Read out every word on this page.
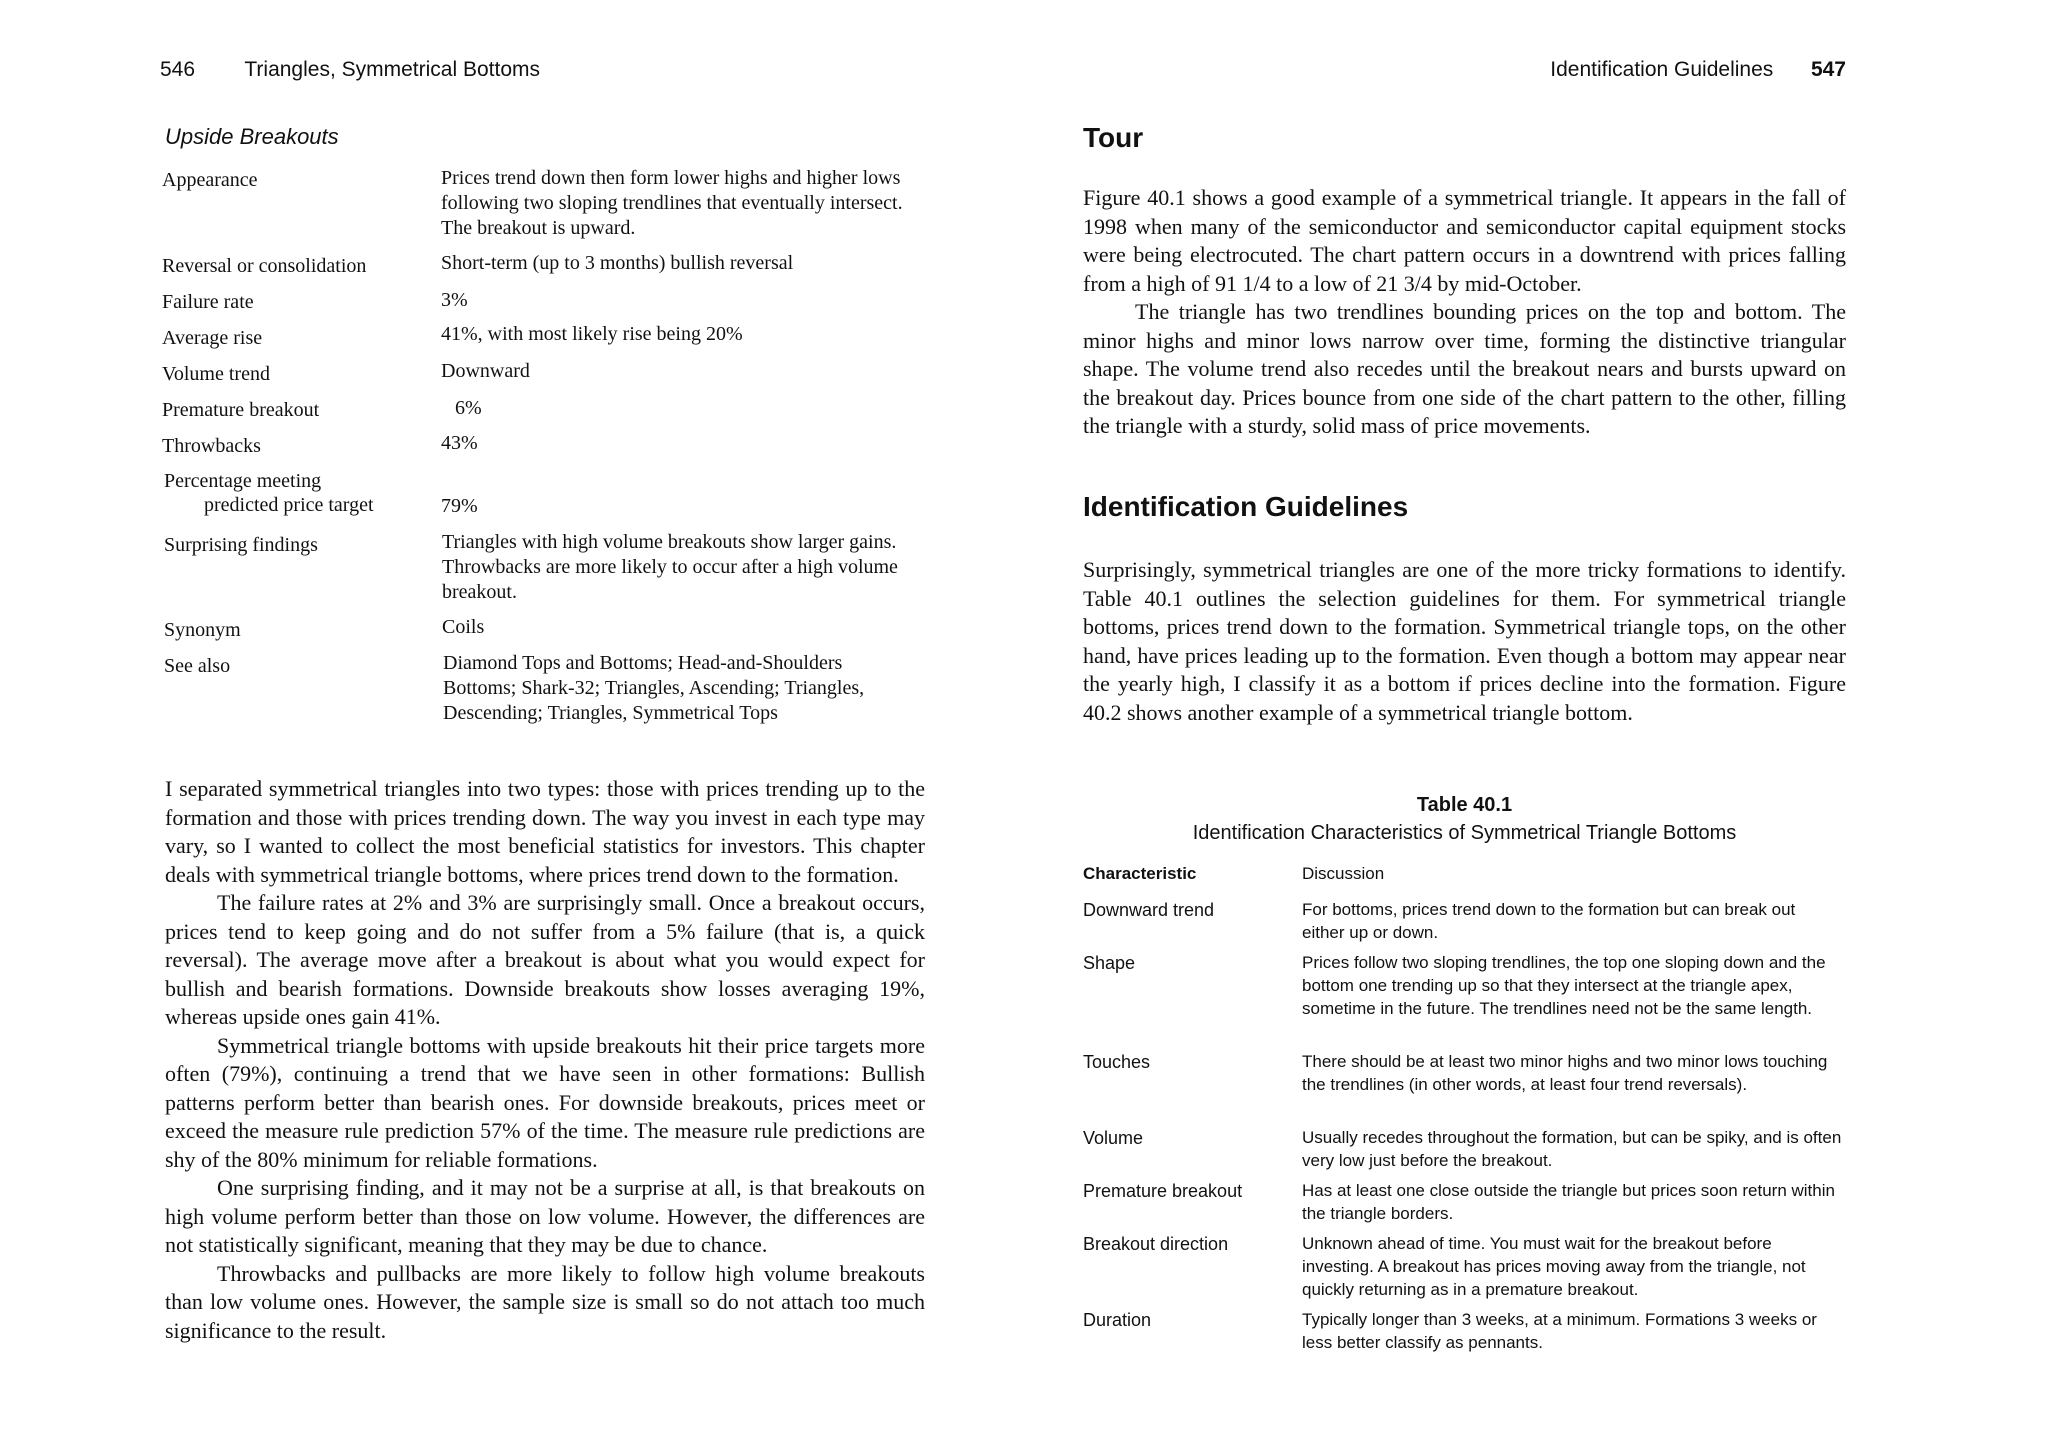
546 Triangles, Symmetrical Bottoms
Upside Breakouts
Appearance	Prices trend down then form lower highs and higher lows following two sloping trendlines that eventually intersect. The breakout is upward.
Reversal or consolidation	Short-term (up to 3 months) bullish reversal
Failure rate	3%
Average rise	41%, with most likely rise being 20%
Volume trend	Downward
Premature breakout	6%
Throwbacks	43%
Percentage meeting predicted price target	79%
Surprising findings	Triangles with high volume breakouts show larger gains. Throwbacks are more likely to occur after a high volume breakout.
Synonym	Coils
See also	Diamond Tops and Bottoms; Head-and-Shoulders Bottoms; Shark-32; Triangles, Ascending; Triangles, Descending; Triangles, Symmetrical Tops

I separated symmetrical triangles into two types: those with prices trending up to the formation and those with prices trending down. The way you invest in each type may vary, so I wanted to collect the most beneficial statistics for investors. This chapter deals with symmetrical triangle bottoms, where prices trend down to the formation.

The failure rates at 2% and 3% are surprisingly small. Once a breakout occurs, prices tend to keep going and do not suffer from a 5% failure (that is, a quick reversal). The average move after a breakout is about what you would expect for bullish and bearish formations. Downside breakouts show losses averaging 19%, whereas upside ones gain 41%.

Symmetrical triangle bottoms with upside breakouts hit their price targets more often (79%), continuing a trend that we have seen in other formations: Bullish patterns perform better than bearish ones. For downside breakouts, prices meet or exceed the measure rule prediction 57% of the time. The measure rule predictions are shy of the 80% minimum for reliable formations.

One surprising finding, and it may not be a surprise at all, is that breakouts on high volume perform better than those on low volume. However, the differences are not statistically significant, meaning that they may be due to chance.

Throwbacks and pullbacks are more likely to follow high volume breakouts than low volume ones. However, the sample size is small so do not attach too much significance to the result.

Identification Guidelines 547
Tour

Figure 40.1 shows a good example of a symmetrical triangle. It appears in the fall of 1998 when many of the semiconductor and semiconductor capital equipment stocks were being electrocuted. The chart pattern occurs in a downtrend with prices falling from a high of 91 1/4 to a low of 21 3/4 by mid-October.

The triangle has two trendlines bounding prices on the top and bottom. The minor highs and minor lows narrow over time, forming the distinctive triangular shape. The volume trend also recedes until the breakout nears and bursts upward on the breakout day. Prices bounce from one side of the chart pattern to the other, filling the triangle with a sturdy, solid mass of price movements.

Identification Guidelines

Surprisingly, symmetrical triangles are one of the more tricky formations to identify. Table 40.1 outlines the selection guidelines for them. For symmetrical triangle bottoms, prices trend down to the formation. Symmetrical triangle tops, on the other hand, have prices leading up to the formation. Even though a bottom may appear near the yearly high, I classify it as a bottom if prices decline into the formation. Figure 40.2 shows another example of a symmetrical triangle bottom.

Table 40.1
Identification Characteristics of Symmetrical Triangle Bottoms
Characteristic	Discussion
Downward trend	For bottoms, prices trend down to the formation but can break out either up or down.
Shape	Prices follow two sloping trendlines, the top one sloping down and the bottom one trending up so that they intersect at the triangle apex, sometime in the future. The trendlines need not be the same length.
Touches	There should be at least two minor highs and two minor lows touching the trendlines (in other words, at least four trend reversals).
Volume	Usually recedes throughout the formation, but can be spiky, and is often very low just before the breakout.
Premature breakout	Has at least one close outside the triangle but prices soon return within the triangle borders.
Breakout direction	Unknown ahead of time. You must wait for the breakout before investing. A breakout has prices moving away from the triangle, not quickly returning as in a premature breakout.
Duration	Typically longer than 3 weeks, at a minimum. Formations 3 weeks or less better classify as pennants.
